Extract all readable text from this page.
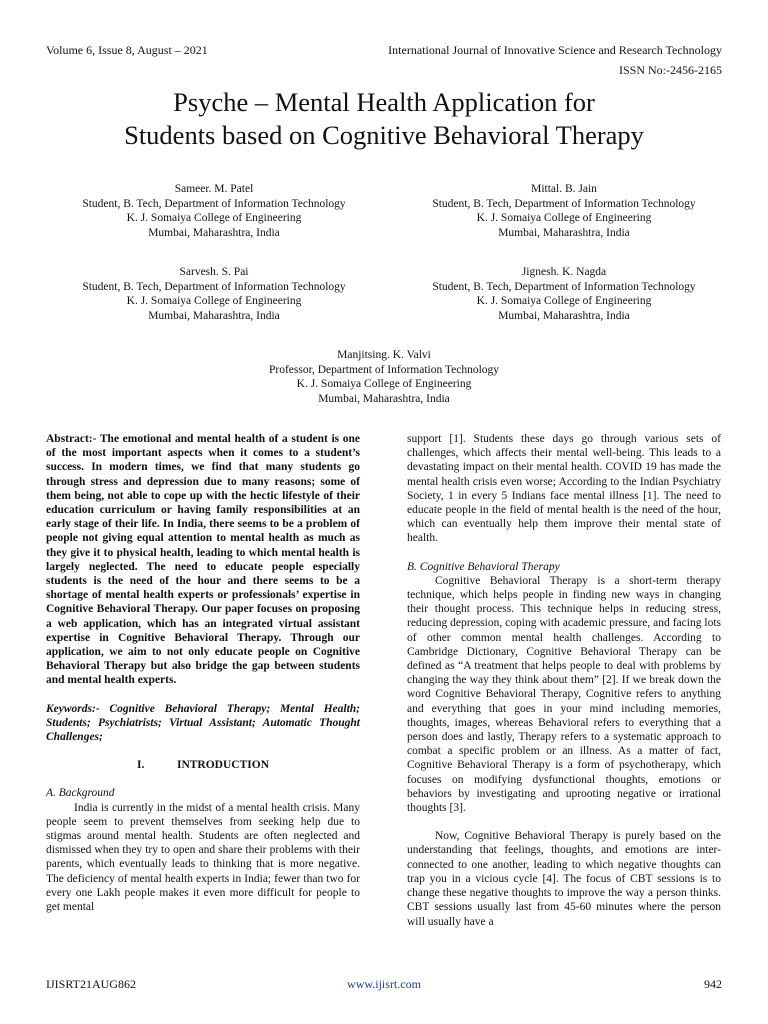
Volume 6, Issue 8, August – 2021	International Journal of Innovative Science and Research Technology
ISSN No:-2456-2165
Psyche – Mental Health Application for
Students based on Cognitive Behavioral Therapy
Sameer. M. Patel
Student, B. Tech, Department of Information Technology
K. J. Somaiya College of Engineering
Mumbai, Maharashtra, India
Mittal. B. Jain
Student, B. Tech, Department of Information Technology
K. J. Somaiya College of Engineering
Mumbai, Maharashtra, India
Sarvesh. S. Pai
Student, B. Tech, Department of Information Technology
K. J. Somaiya College of Engineering
Mumbai, Maharashtra, India
Jignesh. K. Nagda
Student, B. Tech, Department of Information Technology
K. J. Somaiya College of Engineering
Mumbai, Maharashtra, India
Manjitsing. K. Valvi
Professor, Department of Information Technology
K. J. Somaiya College of Engineering
Mumbai, Maharashtra, India

Abstract:- The emotional and mental health of a student is one of the most important aspects when it comes to a student’s success. In modern times, we find that many students go through stress and depression due to many reasons; some of them being, not able to cope up with the hectic lifestyle of their education curriculum or having family responsibilities at an early stage of their life. In India, there seems to be a problem of people not giving equal attention to mental health as much as they give it to physical health, leading to which mental health is largely neglected. The need to educate people especially students is the need of the hour and there seems to be a shortage of mental health experts or professionals’ expertise in Cognitive Behavioral Therapy. Our paper focuses on proposing a web application, which has an integrated virtual assistant expertise in Cognitive Behavioral Therapy. Through our application, we aim to not only educate people on Cognitive Behavioral Therapy but also bridge the gap between students and mental health experts.

Keywords:- Cognitive Behavioral Therapy; Mental Health; Students; Psychiatrists; Virtual Assistant; Automatic Thought Challenges;

I.	INTRODUCTION

A. Background

India is currently in the midst of a mental health crisis. Many people seem to prevent themselves from seeking help due to stigmas around mental health. Students are often neglected and dismissed when they try to open and share their problems with their parents, which eventually leads to thinking that is more negative. The deficiency of mental health experts in India; fewer than two for every one Lakh people makes it even more difficult for people to get mental

support [1]. Students these days go through various sets of challenges, which affects their mental well-being. This leads to a devastating impact on their mental health. COVID 19 has made the mental health crisis even worse; According to the Indian Psychiatry Society, 1 in every 5 Indians face mental illness [1]. The need to educate people in the field of mental health is the need of the hour, which can eventually help them improve their mental state of health.

B. Cognitive Behavioral Therapy

Cognitive Behavioral Therapy is a short-term therapy technique, which helps people in finding new ways in changing their thought process. This technique helps in reducing stress, reducing depression, coping with academic pressure, and facing lots of other common mental health challenges. According to Cambridge Dictionary, Cognitive Behavioral Therapy can be defined as “A treatment that helps people to deal with problems by changing the way they think about them” [2]. If we break down the word Cognitive Behavioral Therapy, Cognitive refers to anything and everything that goes in your mind including memories, thoughts, images, whereas Behavioral refers to everything that a person does and lastly, Therapy refers to a systematic approach to combat a specific problem or an illness. As a matter of fact, Cognitive Behavioral Therapy is a form of psychotherapy, which focuses on modifying dysfunctional thoughts, emotions or behaviors by investigating and uprooting negative or irrational thoughts [3].

Now, Cognitive Behavioral Therapy is purely based on the understanding that feelings, thoughts, and emotions are inter-connected to one another, leading to which negative thoughts can trap you in a vicious cycle [4]. The focus of CBT sessions is to change these negative thoughts to improve the way a person thinks. CBT sessions usually last from 45-60 minutes where the person will usually have a

IJISRT21AUG862	www.ijisrt.com	942
